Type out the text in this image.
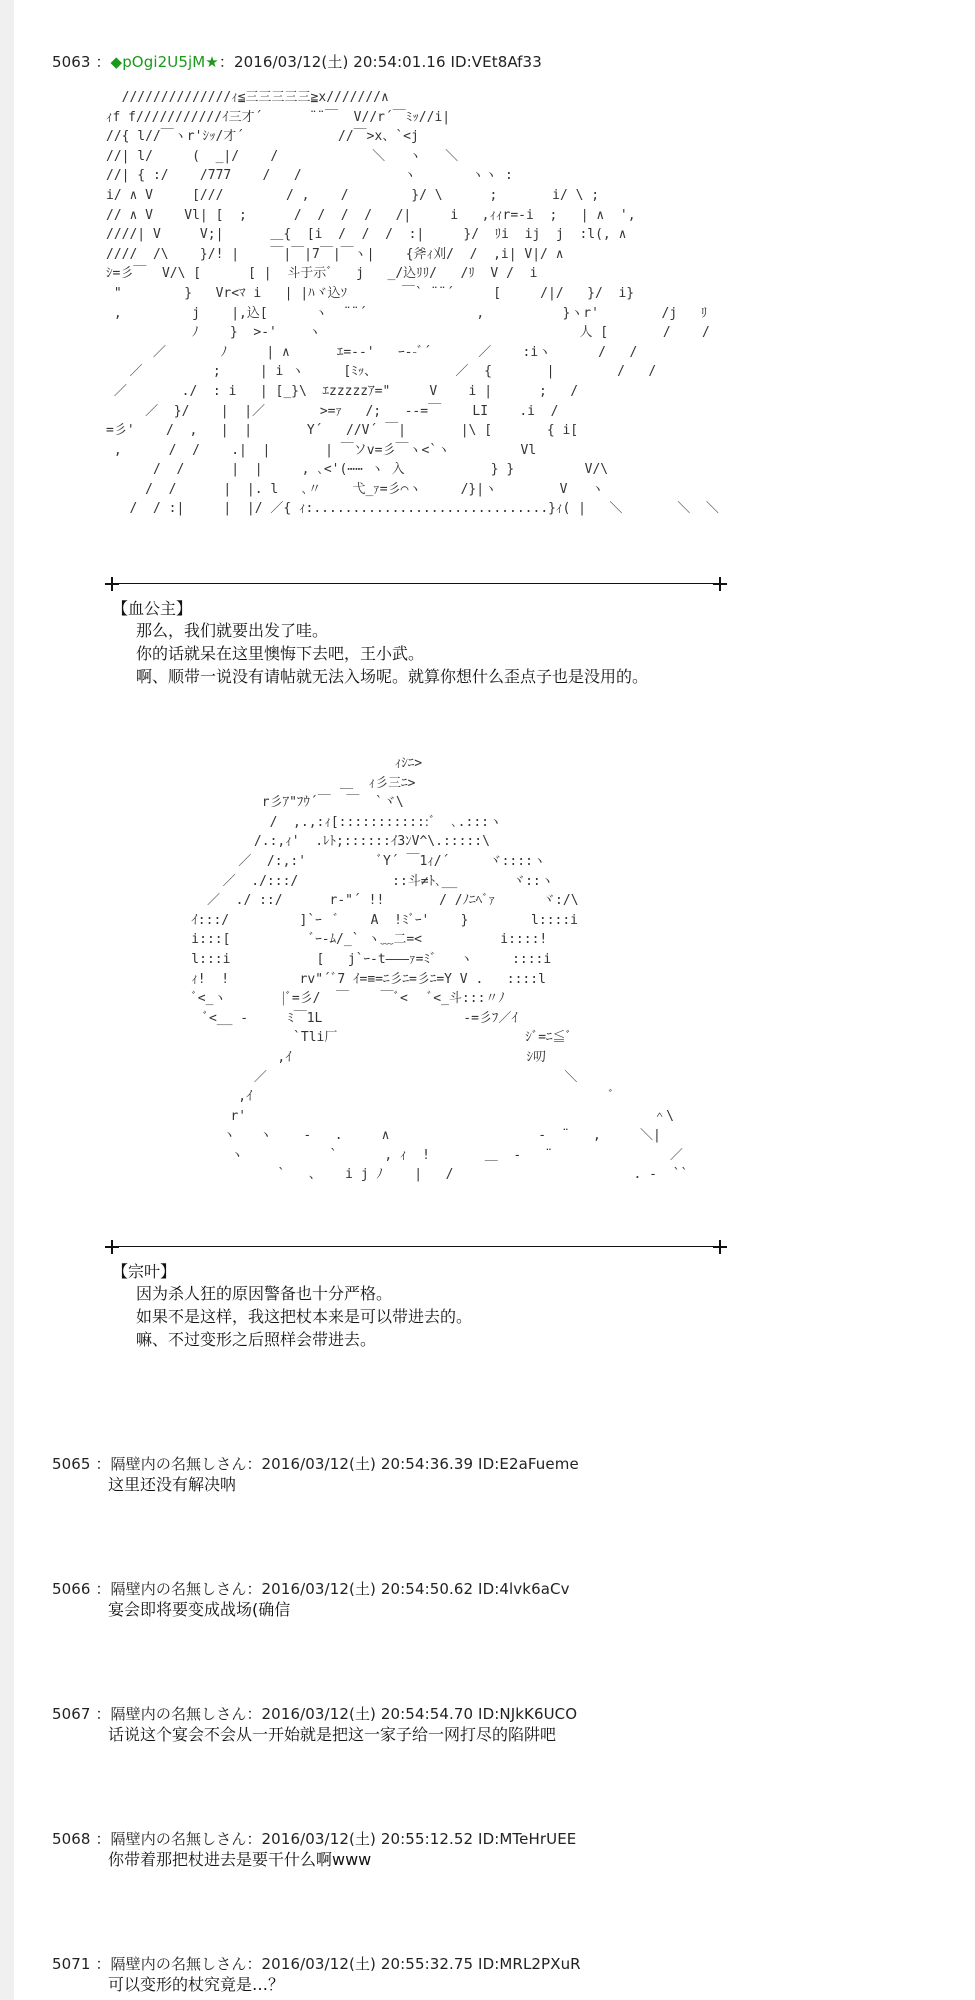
5063 ：◆pOgi2U5jM★：2016/03/12(土) 20:54:01.16 ID:VEt8Af33
//////////////ｨ≦三三三三三≧x///////∧
ｨf f///////////ｲ三才´      ¨¨￣  V//r´￣ﾐｯ//i|
//{ l//￣ヽr'ｼｯ/才´            //￣>x、`<j
//| l/     (  _|/    /            ＼   ヽ   ＼
//| { :/    /777    /   /             ヽ       ヽヽ :
i/ ∧ V     [///        / ,    /        }/ \      ;       i/ \ ;
// ∧ V    Vl| [  ;      /  /  /  /   /|     i   ,ｨｨr=-i  ;   | ∧  ',
////| V     V;|      ＿{  [i  /  /  /  :|     }/  ﾘi  ij  j  :l(, ∧
////  /\    }/! |    ￣|￣|7￣|￣ヽ|    {斧ｨ刈/  /  ,i| V|/ ∧
ｼ=彡￣  V/\ [      [ |  斗于示ﾞ   j   _/込ﾘﾘ/   /ﾘ  V /  i
"        }   Vr<ﾏ i   | |ﾊヾ込ｿ       ￣` ¨¨´     [     /|/   }/  i}
,         j    |,込[      ヽ  ¨¨´              ,          }ヽr'        /j   ﾘ
ﾉ    }  >-'    ヽ                                 人 [       /    /
／       ﾉ     | ∧      ｴ=-‐'   ｰ‐-ﾞ´      ／    :iヽ      /   /
／         ;     | i ヽ     [ﾐｯ、          ／  {       |        /   /
／       ./  : i   | [_}\  ｴzzzzzｱ="     V    i |      ;   /
／  }/    |  |／       >=ｧ   /;   --=￣    LI    .i  /
=彡'    /  ,   |  |       Y´   //V´ ￣|       |\ [       { i[
,      /  /    .|  |       | ￣ソv=彡￣ヽ<`ヽ         Vl
/  /      |  |     , ､<'(⋯⋯ ヽ 入           } }         V/\
/  /      |  |. l   ､〃    弋_ｧ=彡⌒ヽ     /}|ヽ        V   ヽ
/  / :|     |  |/ ／{ ｨ:..............................}ｨ( |   ＼       ＼  ＼
【血公主】
那么，我们就要出发了哇。
你的话就呆在这里懊悔下去吧，王小武。
啊、顺带一说没有请帖就无法入场呢。就算你想什么歪点子也是没用的。
ｨｼﾆ>
＿  ｨ彡三ﾆ>
r彡ｱ"ﾌｳ´￣  ￣  `ヾ\
/  ,.,:ｨ[::::::::::::ﾞ  ､.:::ヽ
/.:,ｨ'  .ﾚﾄ;::::::ｲ3ﾝV^\.:::::\
／  /:,:'         ﾞY´ ￣1ｨ/´     ヾ::::ヽ
／  ./:::/            ::斗≠ﾄ､__       ヾ::ヽ
／  ./ ::/      r-"´ !!       / /ﾉﾆﾍﾞｧ      ヾ:/\
ｲ:::/         ]`ｰ  ﾞ    A  !ﾐﾞｰ'    }        l::::i
i:::[          ﾞｰ-ﾑ/_` ヽ﹏二=<          i::::!
l:::i           [   j`ｰ-t―――ｧ=ﾐﾞ   ヽ     ::::i
ｨ!  !         rv"´ﾞ7 ｲ=≡=ﾆ彡ﾆ=彡ﾆ=Y V .   ::::l
ﾞ<_ヽ       |ﾞ=彡/  ￣    ￣ﾞ<   ﾞ<_斗:::〃ﾉ
ﾞ<__ ‐     ﾐ￣1L                  ‐=彡ﾌ／ｲ
`Tli厂                        ｼﾞ=ﾆ≦ﾞ
,ｲ                              ｼ叨
／                                      ＼
,ｲ                                              ﾞ
r'                                                    ＾\
ヽ   ヽ    -   .     ∧                   -  ¨   ,     ＼|
ヽ           `      , ｨ  !       ＿  ‐   ¨               ／
`   、   i j ﾉ    |   /                       . ‐  ``
【宗叶】
因为杀人狂的原因警备也十分严格。
如果不是这样，我这把杖本来是可以带进去的。
嘛、不过变形之后照样会带进去。
5065 ：隔壁内の名無しさん：2016/03/12(土) 20:54:36.39 ID:E2aFueme
这里还没有解决呐
5066 ：隔壁内の名無しさん：2016/03/12(土) 20:54:50.62 ID:4lvk6aCv
宴会即将要变成战场(确信
5067 ：隔壁内の名無しさん：2016/03/12(土) 20:54:54.70 ID:NJkK6UCO
话说这个宴会不会从一开始就是把这一家子给一网打尽的陷阱吧
5068 ：隔壁内の名無しさん：2016/03/12(土) 20:55:12.52 ID:MTeHrUEE
你带着那把杖进去是要干什么啊www
5071 ：隔壁内の名無しさん：2016/03/12(土) 20:55:32.75 ID:MRL2PXuR
可以变形的杖究竟是…？
